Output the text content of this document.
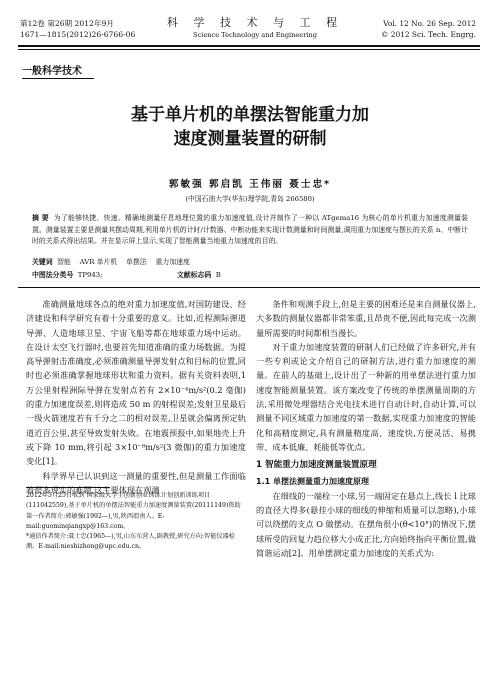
第12卷 第26期 2012年9月
1671—1815(2012)26-6766-06
科 学 技 术 与 工 程
Science Technology and Engineering
Vol. 12 No. 26 Sep. 2012
© 2012 Sci. Tech. Engrg.
一般科学技术
基于单片机的单摆法智能重力加
速度测量装置的研制
郭敏强 郭启凯 王伟丽 聂士忠*
(中国石油大学(华东)理学院,青岛 266580)
摘 要 为了能够快捷、快速、精确地测量仔息地理位置的重力加速度值,设计并制作了一种以 ATgema16 为核心的单片机重力加速度测量装置。测量装置主要是测量其摆动周期,利用单片机的计时/计数器、中断功能来实现计数测量和时间测量,调用重力加速度与摆长的关系 n、中断计时的关系式得出结果。并在显示屏上显示,实现了智能测量当地重力加速度的目的。
关键词 智能    AVR 单片机    单摆法    重力加速度
中图法分类号 TP943;	文献标志码 B

准确测量地球各点的绝对重力加速度值,对国防建设、经济建设和科学研究有着十分重要的意义。比如,近程测际弹道导弹、人造地球卫星、宇宙飞船等都在地球重力场中运动。在设计太空飞行器时,也要首先知道准确的重力场数据。为提高导弹射击准确度,必须准确测量导弹发射点和目标的位置,同时也必须准确掌握地球形状和重力资料。据有关资料表明,1万公里射程洲际导弹在发射点若有 2×10⁻⁴m/s²(0.2 毫伽)的重力加速度误差,则将造成 50 m 的射程误差;发射卫星最后一级火箭速度若有千分之二的相对误差,卫星就会偏离预定轨道近百公里,甚至导致发射失败。在地震预报中,如果地壳上升或下降 10 mm,将引起 3×10⁻⁸m/s²(3 微伽)的重力加速度变化[1]。

科学界早已认识到这一测量的重要性,但是测量工作面临着很多现实的难题,这主要体现在观测

2012年5月25日收到 国家级大学生创新创业训练计划创新训练项目(111042559),基于单片机的单摆法智能重力加速度测量装置(20111149)资助

第一作者简介:郭敏强(1992—),男,陕西渭南人。E-mail:guominqiangxp@163.com。

*通信作者简介:聂士忠(1965—),男,山东东营人,副教授,研究方向:智能仪器检测。E-mail:nieshizhong@upc.edu.cn。

条件和观测手段上,但是主要的困难还是来自测量仪器上,大多数的测量仪器都非常笨重,且昂贵不便,因此每完成一次测量所需要的时间都相当漫长。

对于重力加速度装置的研制人们已经做了许多研究,并有一些专利或论文介绍自己的研制方法,进行重力加速度的测量。在前人的基础上,设计出了一种新的用单摆法进行重力加速度智能测量装置。该方案改变了传统的单摆测量周期的方法,采用微处理器结合光电技术进行自动计时,自动计算,可以测量不同区域重力加速度的第一数据,实现重力加速度的智能化和高精度测定,具有测量精度高、速度快,方便灵活、易携带、成本低廉、耗能低等优点。

1 智能重力加速度测量装置原理
1.1 单摆法测量重力加速度原理

在细线的一端栓一小球,另一端固定在悬点上,线长 l 比球的直径大得多(悬挂小球的细线的伸缩和质量可以忽略),小球可以绕摆的支点 O 做摆动。在摆角很小(θ<10°)的情况下,摆球所受的回复力趋位移大小成正比,方向始终指向平衡位置,做简谐运动[2]。用单摆测定重力加速度的关系式为:
